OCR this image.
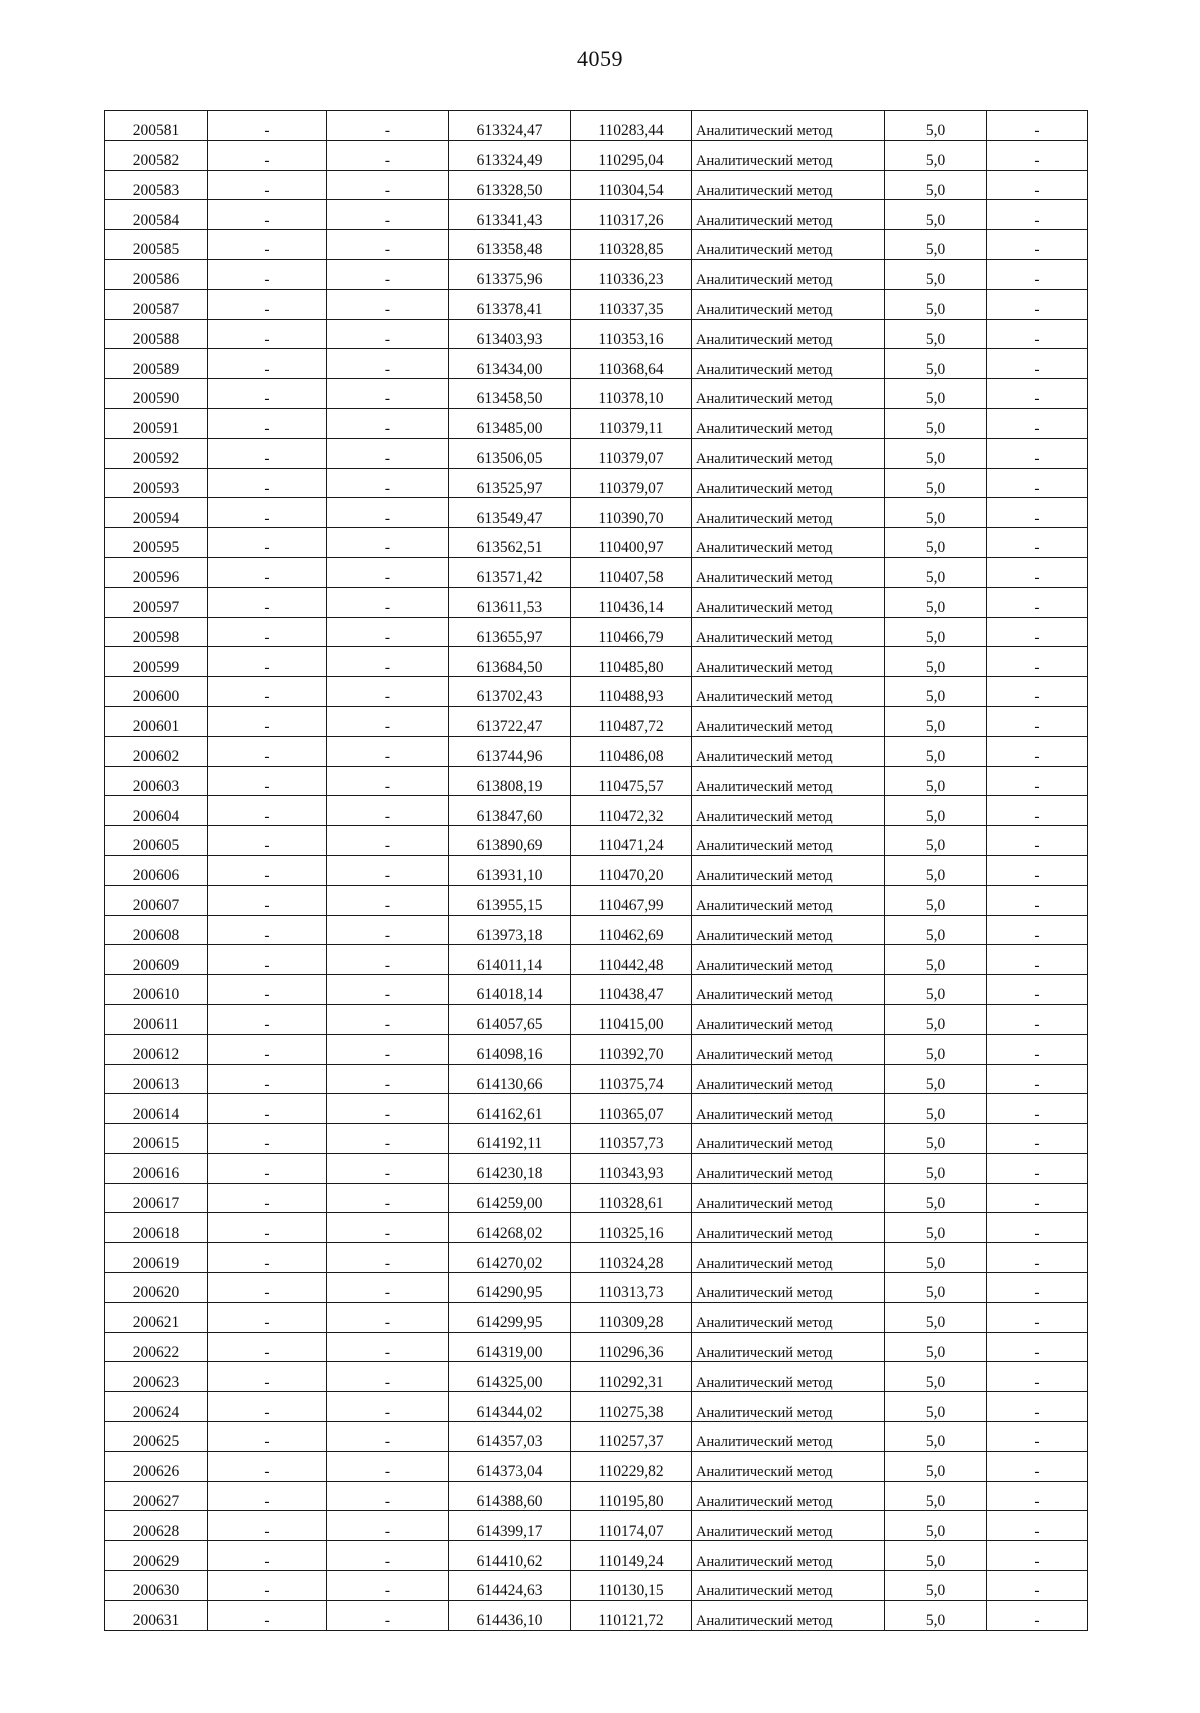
4059
200581	-	-	613324,47	110283,44	Аналитический метод	5,0	-
200582	-	-	613324,49	110295,04	Аналитический метод	5,0	-
200583	-	-	613328,50	110304,54	Аналитический метод	5,0	-
200584	-	-	613341,43	110317,26	Аналитический метод	5,0	-
200585	-	-	613358,48	110328,85	Аналитический метод	5,0	-
200586	-	-	613375,96	110336,23	Аналитический метод	5,0	-
200587	-	-	613378,41	110337,35	Аналитический метод	5,0	-
200588	-	-	613403,93	110353,16	Аналитический метод	5,0	-
200589	-	-	613434,00	110368,64	Аналитический метод	5,0	-
200590	-	-	613458,50	110378,10	Аналитический метод	5,0	-
200591	-	-	613485,00	110379,11	Аналитический метод	5,0	-
200592	-	-	613506,05	110379,07	Аналитический метод	5,0	-
200593	-	-	613525,97	110379,07	Аналитический метод	5,0	-
200594	-	-	613549,47	110390,70	Аналитический метод	5,0	-
200595	-	-	613562,51	110400,97	Аналитический метод	5,0	-
200596	-	-	613571,42	110407,58	Аналитический метод	5,0	-
200597	-	-	613611,53	110436,14	Аналитический метод	5,0	-
200598	-	-	613655,97	110466,79	Аналитический метод	5,0	-
200599	-	-	613684,50	110485,80	Аналитический метод	5,0	-
200600	-	-	613702,43	110488,93	Аналитический метод	5,0	-
200601	-	-	613722,47	110487,72	Аналитический метод	5,0	-
200602	-	-	613744,96	110486,08	Аналитический метод	5,0	-
200603	-	-	613808,19	110475,57	Аналитический метод	5,0	-
200604	-	-	613847,60	110472,32	Аналитический метод	5,0	-
200605	-	-	613890,69	110471,24	Аналитический метод	5,0	-
200606	-	-	613931,10	110470,20	Аналитический метод	5,0	-
200607	-	-	613955,15	110467,99	Аналитический метод	5,0	-
200608	-	-	613973,18	110462,69	Аналитический метод	5,0	-
200609	-	-	614011,14	110442,48	Аналитический метод	5,0	-
200610	-	-	614018,14	110438,47	Аналитический метод	5,0	-
200611	-	-	614057,65	110415,00	Аналитический метод	5,0	-
200612	-	-	614098,16	110392,70	Аналитический метод	5,0	-
200613	-	-	614130,66	110375,74	Аналитический метод	5,0	-
200614	-	-	614162,61	110365,07	Аналитический метод	5,0	-
200615	-	-	614192,11	110357,73	Аналитический метод	5,0	-
200616	-	-	614230,18	110343,93	Аналитический метод	5,0	-
200617	-	-	614259,00	110328,61	Аналитический метод	5,0	-
200618	-	-	614268,02	110325,16	Аналитический метод	5,0	-
200619	-	-	614270,02	110324,28	Аналитический метод	5,0	-
200620	-	-	614290,95	110313,73	Аналитический метод	5,0	-
200621	-	-	614299,95	110309,28	Аналитический метод	5,0	-
200622	-	-	614319,00	110296,36	Аналитический метод	5,0	-
200623	-	-	614325,00	110292,31	Аналитический метод	5,0	-
200624	-	-	614344,02	110275,38	Аналитический метод	5,0	-
200625	-	-	614357,03	110257,37	Аналитический метод	5,0	-
200626	-	-	614373,04	110229,82	Аналитический метод	5,0	-
200627	-	-	614388,60	110195,80	Аналитический метод	5,0	-
200628	-	-	614399,17	110174,07	Аналитический метод	5,0	-
200629	-	-	614410,62	110149,24	Аналитический метод	5,0	-
200630	-	-	614424,63	110130,15	Аналитический метод	5,0	-
200631	-	-	614436,10	110121,72	Аналитический метод	5,0	-
